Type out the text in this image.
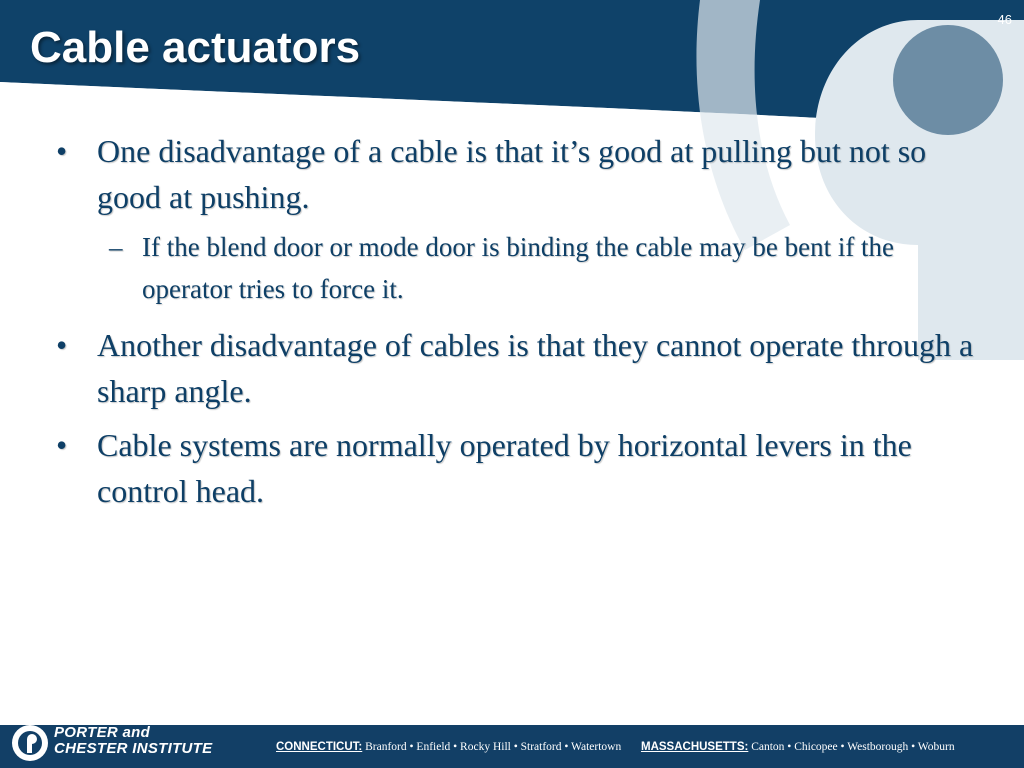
Cable actuators
46
• One disadvantage of a cable is that it’s good at pulling but not so good at pushing.
– If the blend door or mode door is binding the cable may be bent if the operator tries to force it.
• Another disadvantage of cables is that they cannot operate through a sharp angle.
• Cable systems are normally operated by horizontal levers in the control head.
PORTER and
CHESTER INSTITUTE	CONNECTICUT: Branford • Enfield • Rocky Hill • Stratford • Watertown MASSACHUSETTS: Canton • Chicopee • Westborough • Woburn
